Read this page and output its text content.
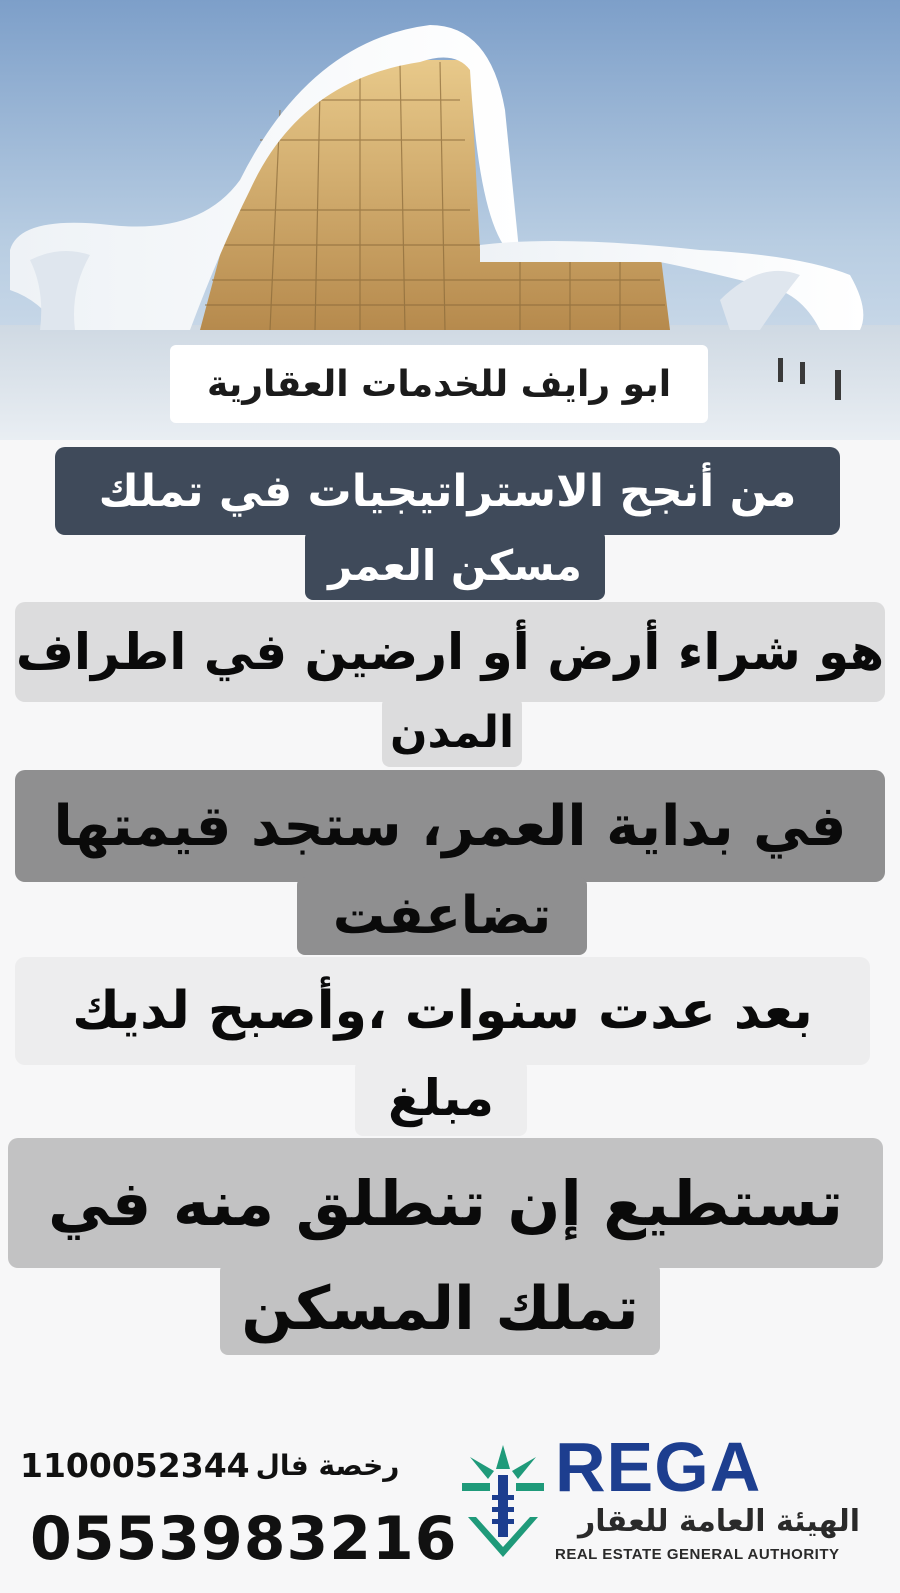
ابو رايف للخدمات العقارية
من أنجح الاستراتيجيات في تملك
مسكن العمر
هو شراء أرض أو ارضين في اطراف
المدن
في بداية العمر، ستجد قيمتها
تضاعفت
بعد عدت سنوات ،وأصبح لديك
مبلغ
تستطيع إن تنطلق منه في
تملك المسكن
1100052344 رخصة فال
0553983216
REGA
الهيئة العامة للعقار
REAL ESTATE GENERAL AUTHORITY
